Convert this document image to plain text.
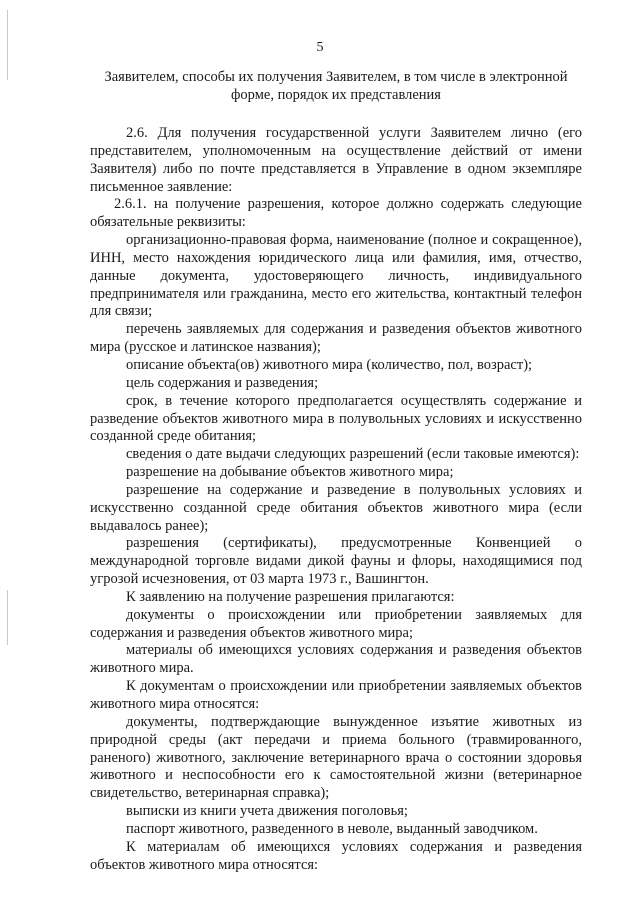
5
Заявителем, способы их получения Заявителем, в том числе в электронной форме, порядок их представления

2.6. Для получения государственной услуги Заявителем лично (его представителем, уполномоченным на осуществление действий от имени Заявителя) либо по почте представляется в Управление в одном экземпляре письменное заявление:

2.6.1. на получение разрешения, которое должно содержать следующие обязательные реквизиты:

организационно-правовая форма, наименование (полное и сокращенное), ИНН, место нахождения юридического лица или фамилия, имя, отчество, данные документа, удостоверяющего личность, индивидуального предпринимателя или гражданина, место его жительства, контактный телефон для связи;

перечень заявляемых для содержания и разведения объектов животного мира (русское и латинское названия);

описание объекта(ов) животного мира (количество, пол, возраст);

цель содержания и разведения;

срок, в течение которого предполагается осуществлять содержание и разведение объектов животного мира в полувольных условиях и искусственно созданной среде обитания;

сведения о дате выдачи следующих разрешений (если таковые имеются):

разрешение на добывание объектов животного мира;

разрешение на содержание и разведение в полувольных условиях и искусственно созданной среде обитания объектов животного мира (если выдавалось ранее);

разрешения (сертификаты), предусмотренные Конвенцией о международной торговле видами дикой фауны и флоры, находящимися под угрозой исчезновения, от 03 марта 1973 г., Вашингтон.

К заявлению на получение разрешения прилагаются:

документы о происхождении или приобретении заявляемых для содержания и разведения объектов животного мира;

материалы об имеющихся условиях содержания и разведения объектов животного мира.

К документам о происхождении или приобретении заявляемых объектов животного мира относятся:

документы, подтверждающие вынужденное изъятие животных из природной среды (акт передачи и приема больного (травмированного, раненого) животного, заключение ветеринарного врача о состоянии здоровья животного и неспособности его к самостоятельной жизни (ветеринарное свидетельство, ветеринарная справка);

выписки из книги учета движения поголовья;

паспорт животного, разведенного в неволе, выданный заводчиком.

К материалам об имеющихся условиях содержания и разведения объектов животного мира относятся:
